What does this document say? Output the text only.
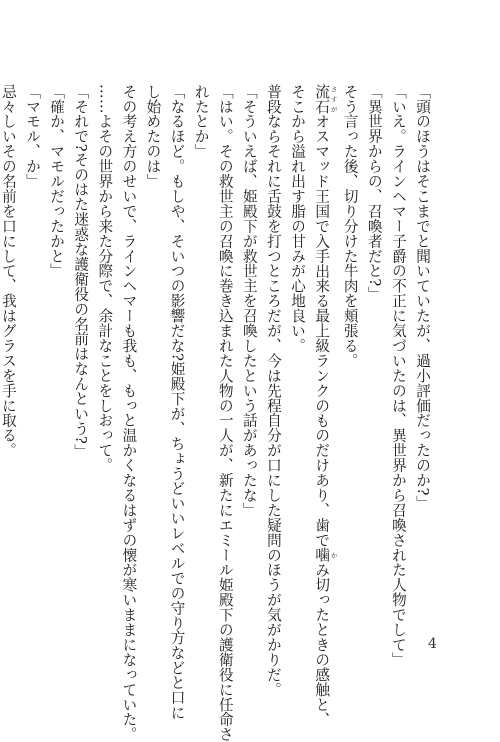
「頭のほうはそこまでと聞いていたが、過小評価だったのか?」

「いえ。ラインヘマー子爵の不正に気づいたのは、異世界から召喚された人物でして」

「異世界からの、召喚者だと?」

そう言った後、切り分けた牛肉を頬張る。

流石 さすがオスマッド王国で入手出来る最上級ランクのものだけあり、歯で噛 かみ切ったときの感触と、

そこから溢れ出す脂の甘みが心地良い。

普段ならそれに舌鼓を打つところだが、今は先程自分が口にした疑問のほうが気がかりだ。

「そういえば、姫殿下が救世主を召喚したという話があったな」

「はい。その救世主の召喚に巻き込まれた人物の一人が、新たにエミール姫殿下の護衛役に任命さ

れたとか」

「なるほど。もしや、そいつの影響だな?姫殿下が、ちょうどいいレベルでの守り方などと口に

し始めたのは」

その考え方のせいで、ラインヘマーも我も、もっと温かくなるはずの懐が寒いままになっていた。

……よその世界から来た分際で、余計なことをしおって。

「それで?そのはた迷惑な護衛役の名前はなんという?」

「確か、マモルだったかと」

「マモル、か」

忌々しいその名前を口にして、我はグラスを手に取る。

4
